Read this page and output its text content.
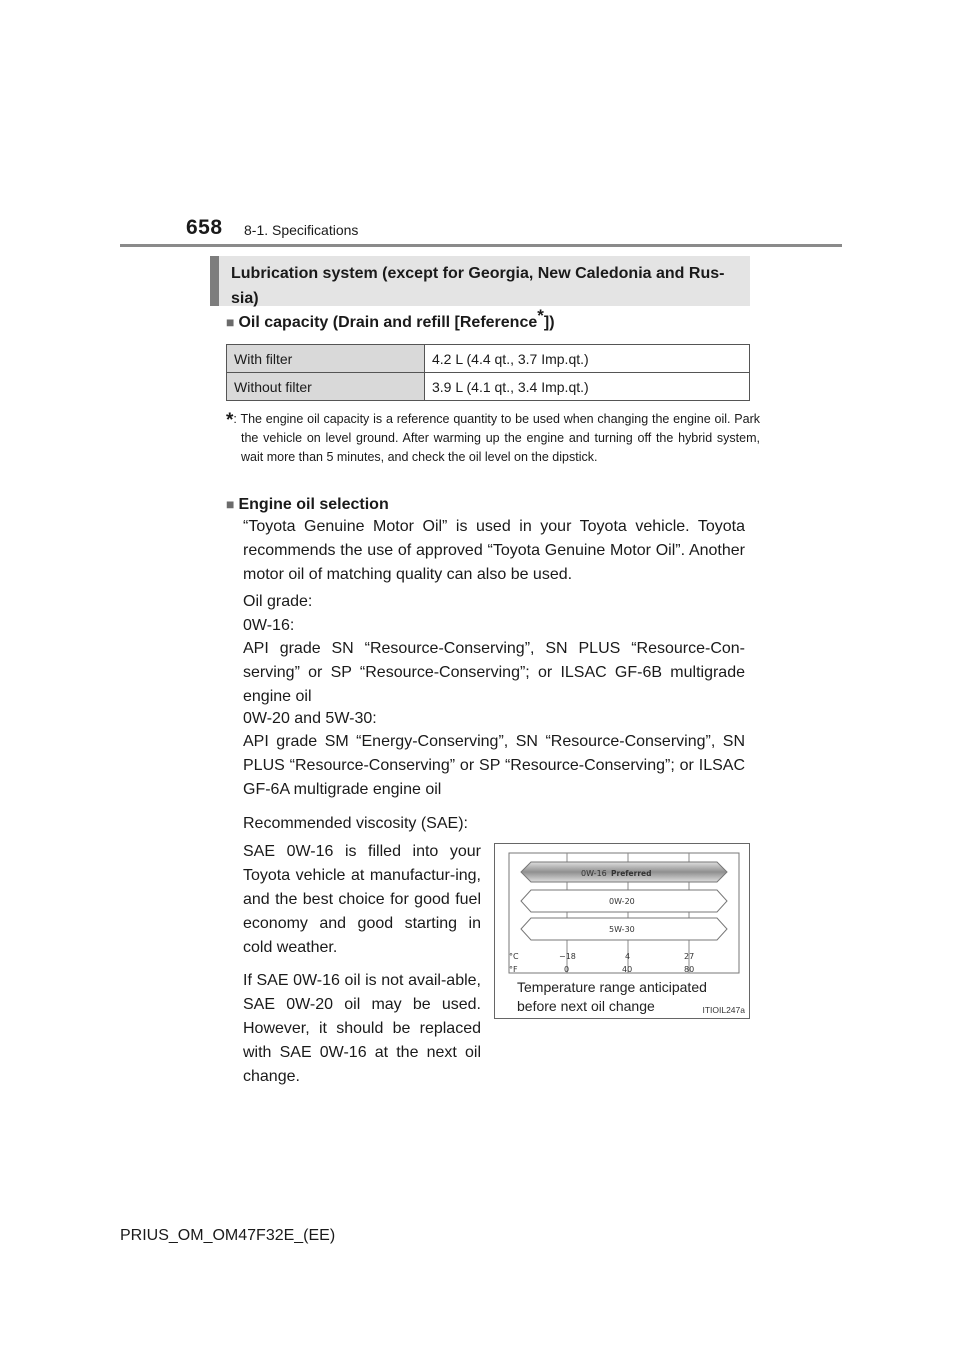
658 8-1. Specifications
Lubrication system (except for Georgia, New Caledonia and Rus-
sia)
■ Oil capacity (Drain and refill [Reference*])
With filter	4.2 L (4.4 qt., 3.7 Imp.qt.)
Without filter	3.9 L (4.1 qt., 3.4 Imp.qt.)
*: The engine oil capacity is a reference quantity to be used when changing the engine oil. Park the vehicle on level ground. After warming up the engine and turning off the hybrid system, wait more than 5 minutes, and check the oil level on the dipstick.
■ Engine oil selection
“Toyota Genuine Motor Oil” is used in your Toyota vehicle. Toyota recommends the use of approved “Toyota Genuine Motor Oil”. Another motor oil of matching quality can also be used.
Oil grade:
0W-16:
API grade SN “Resource-Conserving”, SN PLUS “Resource-Con-serving” or SP “Resource-Conserving”; or ILSAC GF-6B multigrade engine oil
0W-20 and 5W-30:
API grade SM “Energy-Conserving”, SN “Resource-Conserving”, SN PLUS “Resource-Conserving” or SP “Resource-Conserving”; or ILSAC GF-6A multigrade engine oil
Recommended viscosity (SAE):
SAE 0W-16 is filled into your Toyota vehicle at manufactur-ing, and the best choice for good fuel economy and good starting in cold weather.
If SAE 0W-16 oil is not avail-able, SAE 0W-20 oil may be used. However, it should be replaced with SAE 0W-16 at the next oil change.
0W-16 Preferred
0W-20
5W-30
°C
°F
−18	4	27
0	40	80
Temperature range anticipated
before next oil change	ITIOIL247a
PRIUS_OM_OM47F32E_(EE)
